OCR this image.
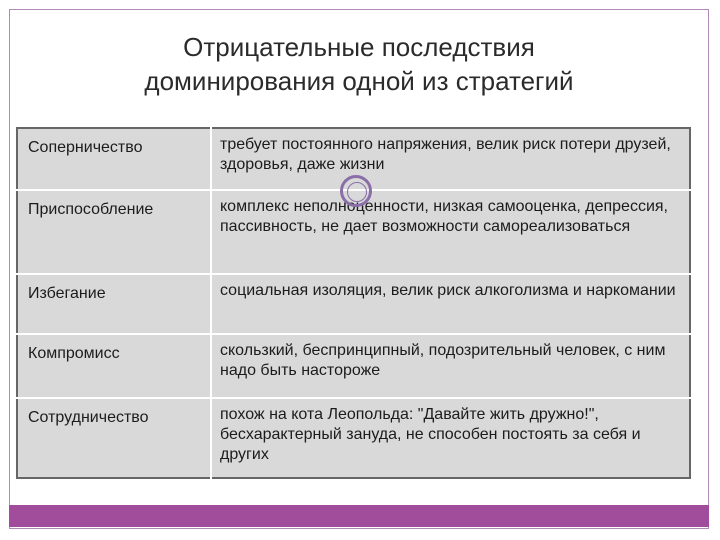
Отрицательные последствия
доминирования одной из стратегий
Соперничество	требует постоянного напряжения, велик риск потери друзей, здоровья, даже жизни
Приспособление	комплекс неполноценности, низкая самооценка, депрессия, пассивность, не дает возможности самореализоваться
Избегание	социальная изоляция, велик риск алкоголизма и наркомании
Компромисс	скользкий, беспринципный, подозрительный человек, с ним надо быть настороже
Сотрудничество	похож на кота Леопольда: "Давайте жить дружно!", бесхарактерный зануда, не способен постоять за себя и других
